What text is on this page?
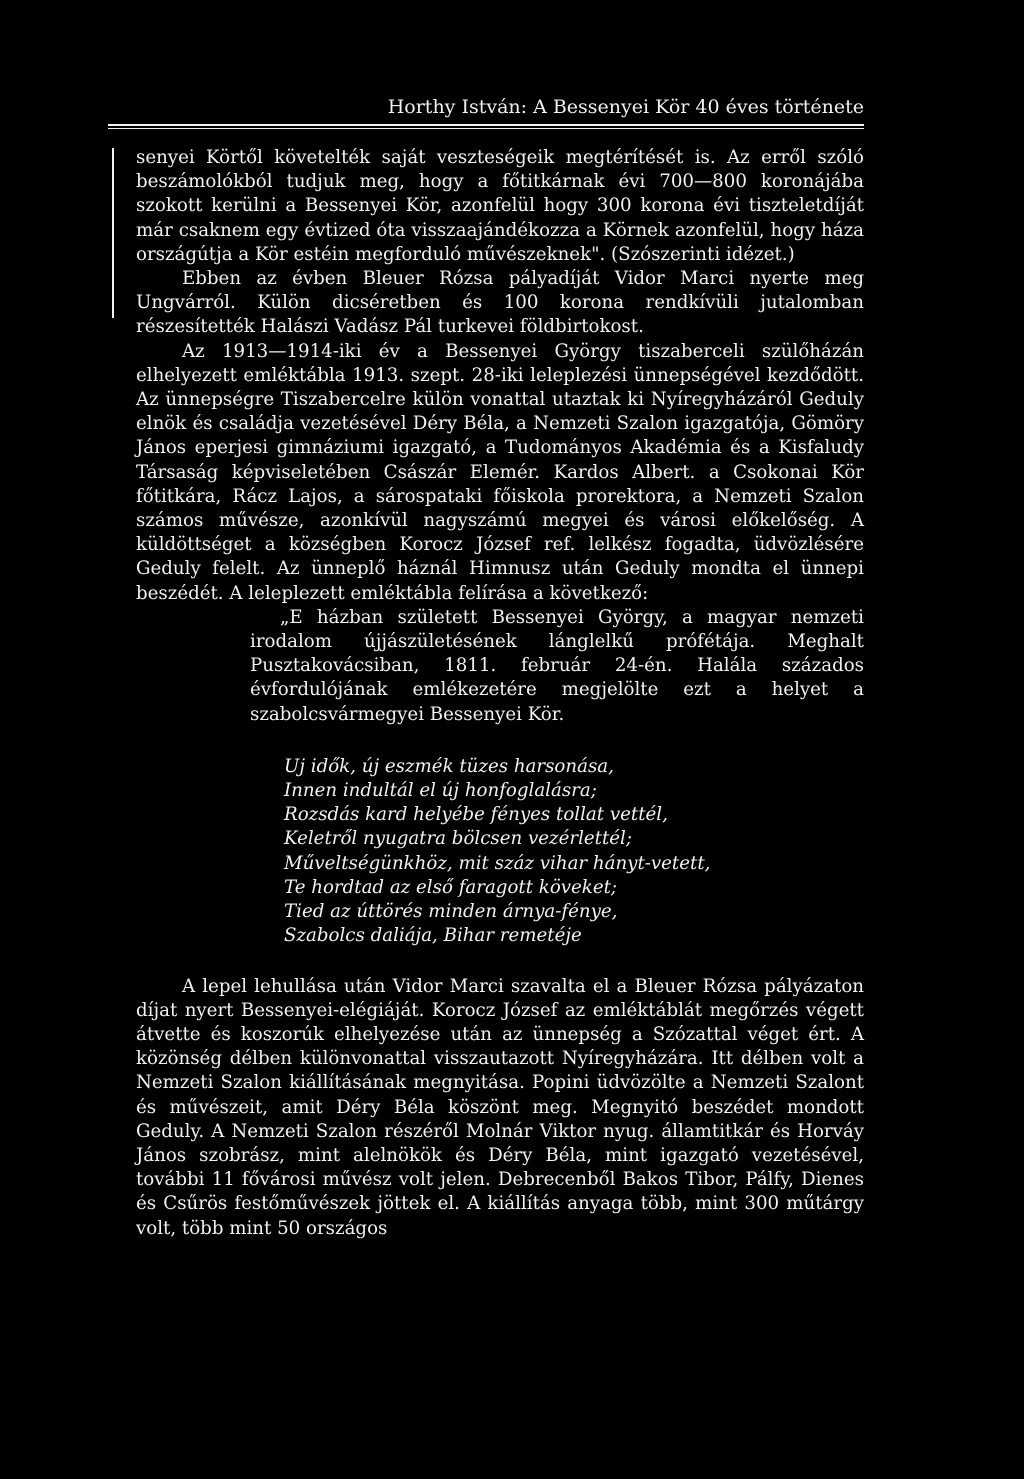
Horthy István: A Bessenyei Kör 40 éves története

senyei Körtől követelték saját veszteségeik megtérítését is. Az erről szóló beszámolókból tudjuk meg, hogy a főtitkárnak évi 700—800 koronájába szokott kerülni a Bessenyei Kör, azonfelül hogy 300 korona évi tiszteletdíját már csaknem egy évtized óta visszaajándékozza a Körnek azonfelül, hogy háza országútja a Kör estéin megforduló művészeknek". (Szószerinti idézet.)

Ebben az évben Bleuer Rózsa pályadíját Vidor Marci nyerte meg Ungvárról. Külön dicséretben és 100 korona rendkívüli jutalomban részesítették Halászi Vadász Pál turkevei földbirtokost.

Az 1913—1914-iki év a Bessenyei György tiszaberceli szülőházán elhelyezett emléktábla 1913. szept. 28-iki leleplezési ünnepségével kezdődött. Az ünnepségre Tiszabercelre külön vonattal utaztak ki Nyíregyházáról Geduly elnök és családja vezetésével Déry Béla, a Nemzeti Szalon igazgatója, Gömöry János eperjesi gimnáziumi igazgató, a Tudományos Akadémia és a Kisfaludy Társaság képviseletében Császár Elemér. Kardos Albert. a Csokonai Kör főtitkára, Rácz Lajos, a sárospataki főiskola prorektora, a Nemzeti Szalon számos művésze, azonkívül nagyszámú megyei és városi előkelőség. A küldöttséget a községben Korocz József ref. lelkész fogadta, üdvözlésére Geduly felelt. Az ünneplő háznál Himnusz után Geduly mondta el ünnepi beszédét. A leleplezett emléktábla felírása a következő:

„E házban született Bessenyei György, a magyar nemzeti irodalom újjászületésének lánglelkű prófétája. Meghalt Pusztakovácsiban, 1811. február 24-én. Halála százados évfordulójának emlékezetére megjelölte ezt a helyet a szabolcsvármegyei Bessenyei Kör.

Uj idők, új eszmék tüzes harsonása,
Innen indultál el új honfoglalásra;
Rozsdás kard helyébe fényes tollat vettél,
Keletről nyugatra bölcsen vezérlettél;
Műveltségünkhöz, mit száz vihar hányt-vetett,
Te hordtad az első faragott köveket;
Tied az úttörés minden árnya-fénye,
Szabolcs daliája, Bihar remetéje

A lepel lehullása után Vidor Marci szavalta el a Bleuer Rózsa pályázaton díjat nyert Bessenyei-elégiáját. Korocz József az emléktáblát megőrzés végett átvette és koszorúk elhelyezése után az ünnepség a Szózattal véget ért. A közönség délben különvonattal visszautazott Nyíregyházára. Itt délben volt a Nemzeti Szalon kiállításának megnyitása. Popini üdvözölte a Nemzeti Szalont és művészeit, amit Déry Béla köszönt meg. Megnyitó beszédet mondott Geduly. A Nemzeti Szalon részéről Molnár Viktor nyug. államtitkár és Horváy János szobrász, mint alelnökök és Déry Béla, mint igazgató vezetésével, további 11 fővárosi művész volt jelen. Debrecenből Bakos Tibor, Pálfy, Dienes és Csűrös festőművészek jöttek el. A kiállítás anyaga több, mint 300 műtárgy volt, több mint 50 országos
